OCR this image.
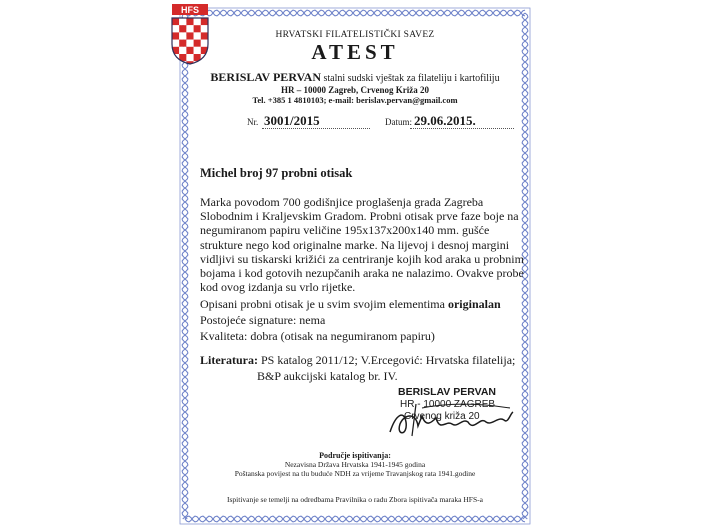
HFS
HRVATSKI FILATELISTIČKI SAVEZ
ATEST
BERISLAV PERVAN stalni sudski vještak za filateliju i kartofiliju
HR – 10000 Zagreb, Crvenog Križa 20
Tel. +385 1 4810103; e-mail: berislav.pervan@gmail.com
Nr. 3001/2015	Datum: 29.06.2015.
Michel broj 97 probni otisak
Marka povodom 700 godišnjice proglašenja grada Zagreba Slobodnim i Kraljevskim Gradom. Probni otisak prve faze boje na negumiranom papiru veličine 195x137x200x140 mm. gušće strukture nego kod originalne marke. Na lijevoj i desnoj margini vidljivi su tiskarski križići za centriranje kojih kod araka u probnim bojama i kod gotovih nezupčanih araka ne nalazimo. Ovakve probe kod ovog izdanja su vrlo rijetke.
Opisani probni otisak je u svim svojim elementima originalan
Postojeće signature: nema
Kvaliteta: dobra (otisak na negumiranom papiru)
Literatura: PS katalog 2011/12; V.Ercegović: Hrvatska filatelija;
B&P aukcijski katalog br. IV.
BERISLAV PERVAN
HR - 10000 ZAGREB
Crvenog križa 20
Područje ispitivanja:
Nezavisna Država Hrvatska 1941-1945 godina
Poštanska povijest na tlu buduće NDH za vrijeme Travanjskog rata 1941.godine
Ispitivanje se temelji na odredbama Pravilnika o radu Zbora ispitivača maraka HFS-a
